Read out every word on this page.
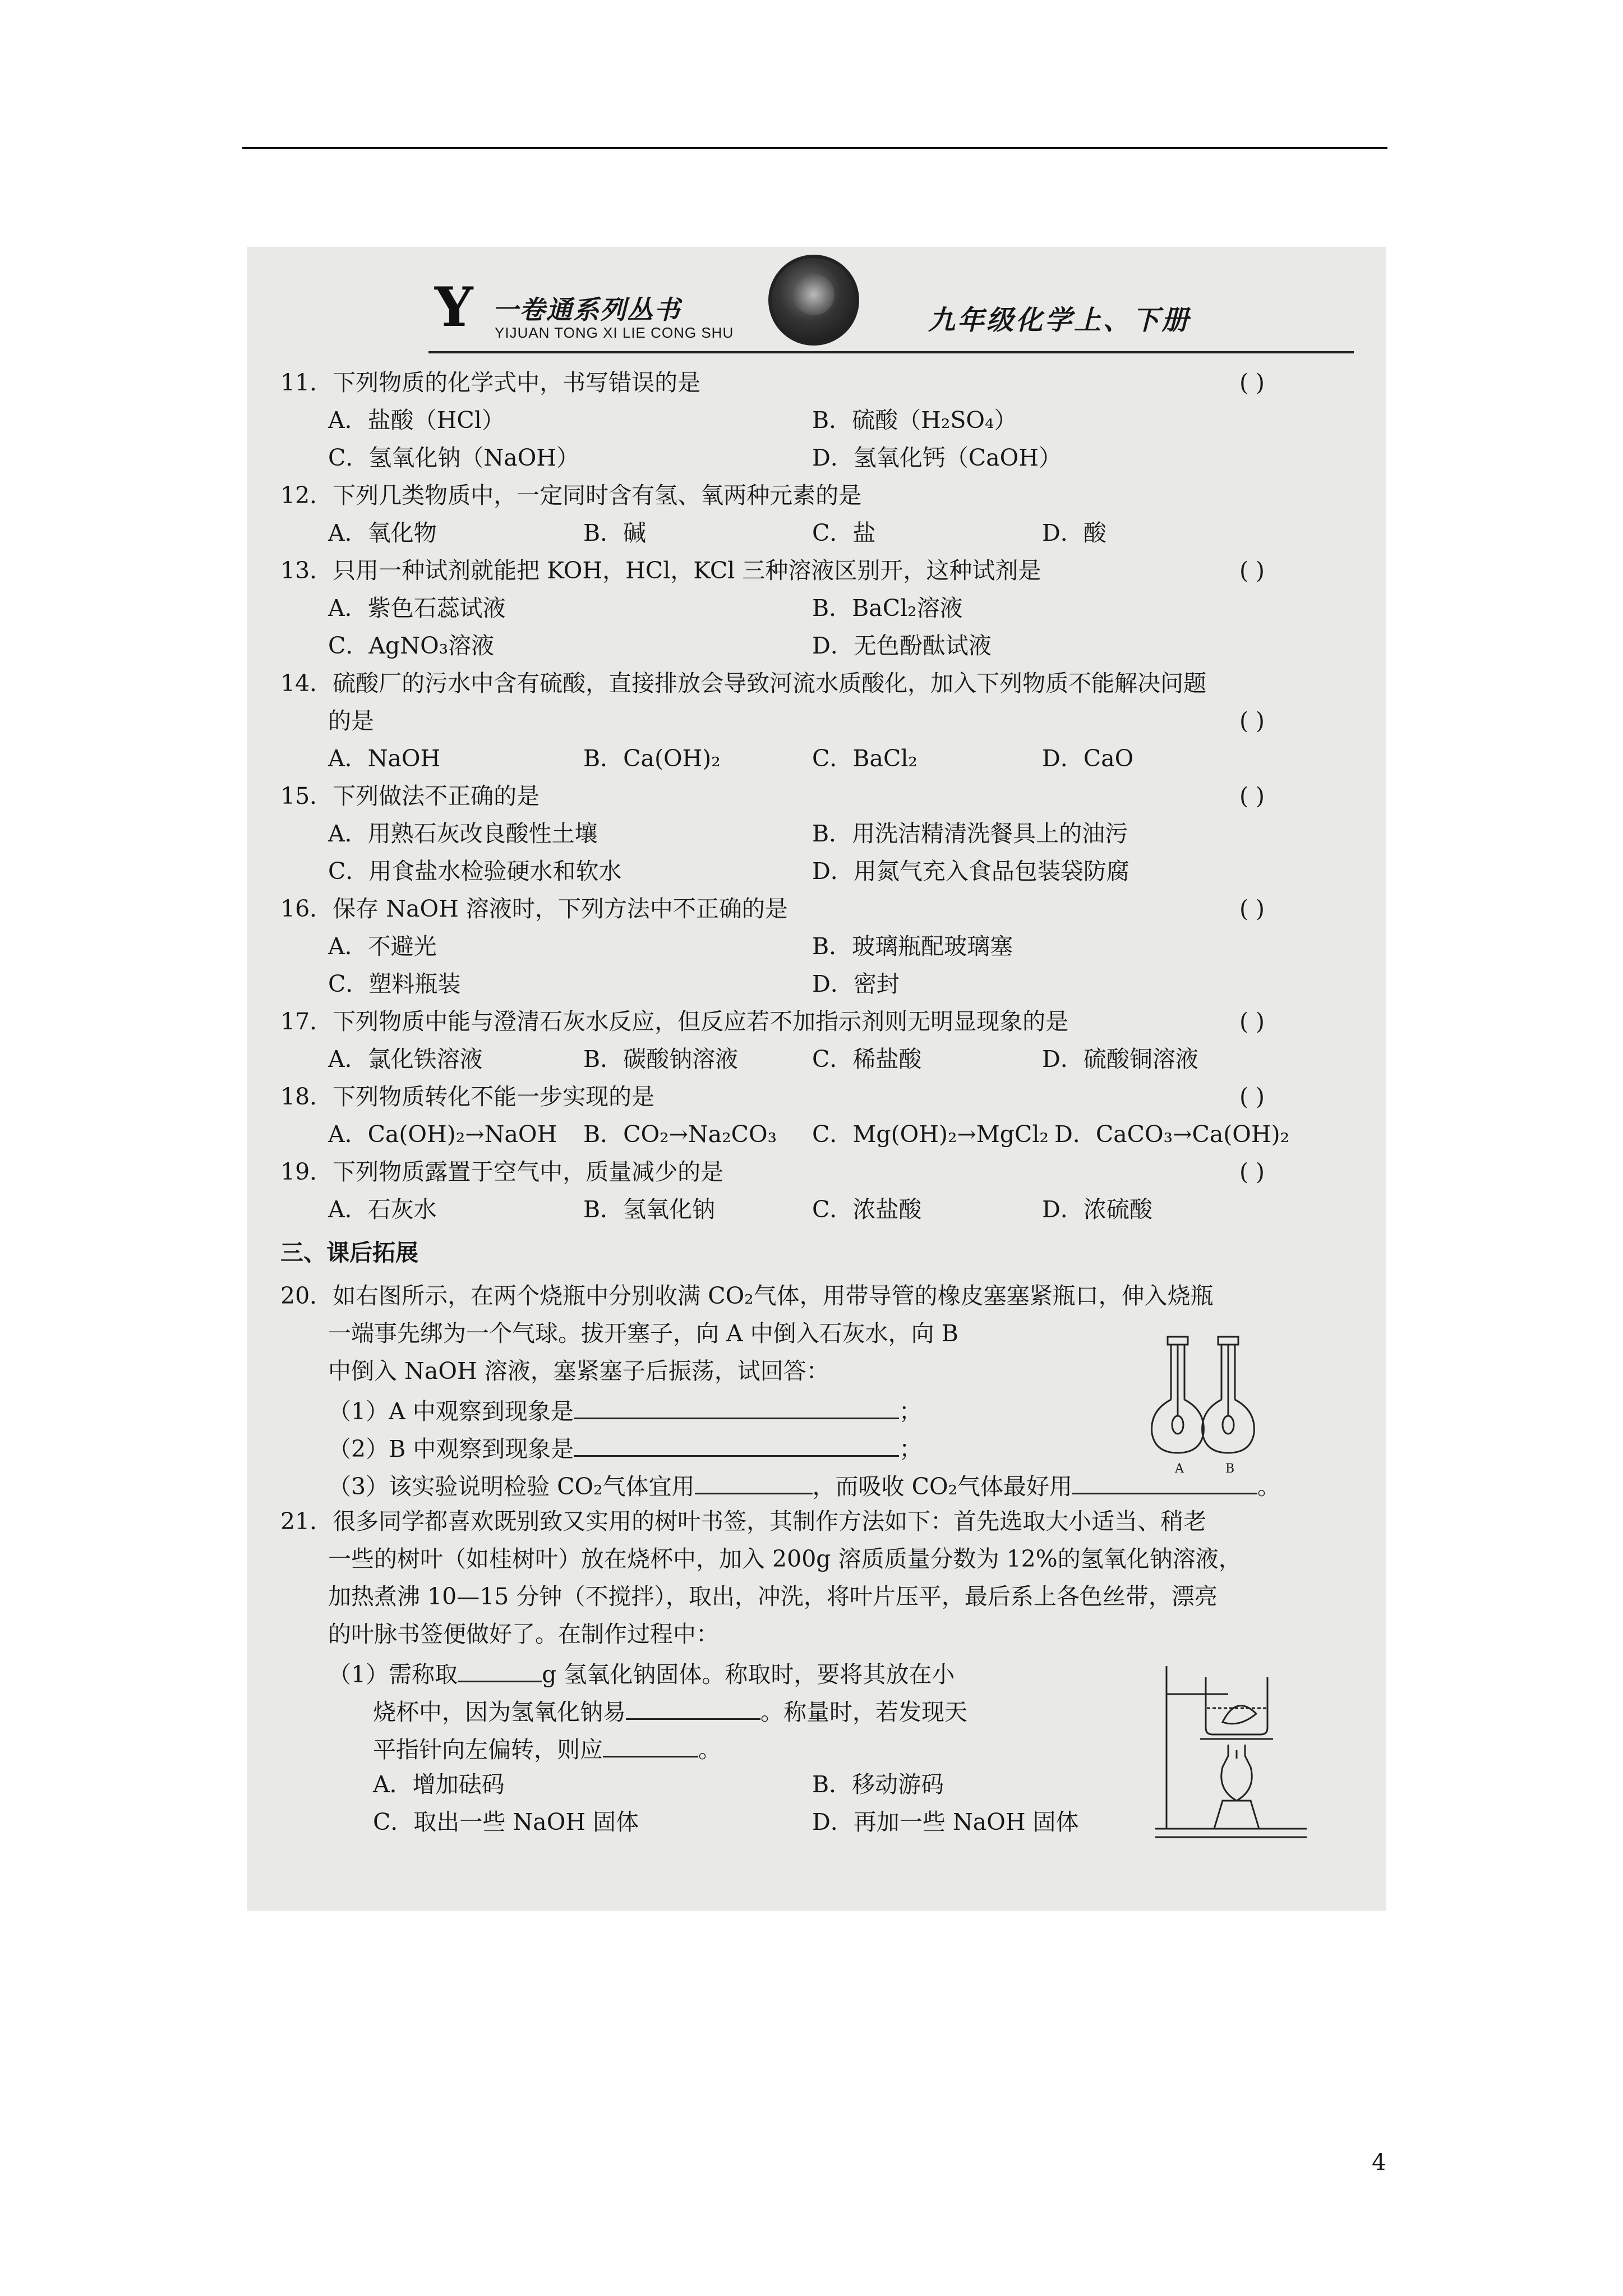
Y 一卷通系列丛书
YIJUAN TONG XI LIE CONG SHU	九年级化学上、下册
11．下列物质的化学式中，书写错误的是	( )
A．盐酸（HCl）	B．硫酸（H₂SO₄）
C．氢氧化钠（NaOH）	D．氢氧化钙（CaOH）
12．下列几类物质中，一定同时含有氢、氧两种元素的是
A．氧化物	B．碱	C．盐	D．酸
13．只用一种试剂就能把 KOH，HCl，KCl 三种溶液区别开，这种试剂是	( )
A．紫色石蕊试液	B．BaCl₂溶液
C．AgNO₃溶液	D．无色酚酞试液
14．硫酸厂的污水中含有硫酸，直接排放会导致河流水质酸化，加入下列物质不能解决问题
的是	( )
A．NaOH	B．Ca(OH)₂	C．BaCl₂	D．CaO
15．下列做法不正确的是	( )
A．用熟石灰改良酸性土壤	B．用洗洁精清洗餐具上的油污
C．用食盐水检验硬水和软水	D．用氮气充入食品包装袋防腐
16．保存 NaOH 溶液时，下列方法中不正确的是	( )
A．不避光	B．玻璃瓶配玻璃塞
C．塑料瓶装	D．密封
17．下列物质中能与澄清石灰水反应，但反应若不加指示剂则无明显现象的是	( )
A．氯化铁溶液	B．碳酸钠溶液	C．稀盐酸	D．硫酸铜溶液
18．下列物质转化不能一步实现的是	( )
A．Ca(OH)₂→NaOH B．CO₂→Na₂CO₃ C．Mg(OH)₂→MgCl₂ D．CaCO₃→Ca(OH)₂
19．下列物质露置于空气中，质量减少的是	( )
A．石灰水	B．氢氧化钠	C．浓盐酸	D．浓硫酸
三、课后拓展
20．如右图所示，在两个烧瓶中分别收满 CO₂气体，用带导管的橡皮塞塞紧瓶口，伸入烧瓶
一端事先绑为一个气球。拔开塞子，向 A 中倒入石灰水，向 B
中倒入 NaOH 溶液，塞紧塞子后振荡，试回答：
（1）A 中观察到现象是	；
（2）B 中观察到现象是	；
（3）该实验说明检验 CO₂气体宜用	，而吸收 CO₂气体最好用	。
A	B
21．很多同学都喜欢既别致又实用的树叶书签，其制作方法如下：首先选取大小适当、稍老
一些的树叶（如桂树叶）放在烧杯中，加入 200g 溶质质量分数为 12%的氢氧化钠溶液，
加热煮沸 10—15 分钟（不搅拌），取出，冲洗，将叶片压平，最后系上各色丝带，漂亮
的叶脉书签便做好了。在制作过程中：
（1）需称取	g 氢氧化钠固体。称取时，要将其放在小
烧杯中，因为氢氧化钠易	。称量时，若发现天
平指针向左偏转，则应	。
A．增加砝码	B．移动游码
C．取出一些 NaOH 固体	D．再加一些 NaOH 固体
4
